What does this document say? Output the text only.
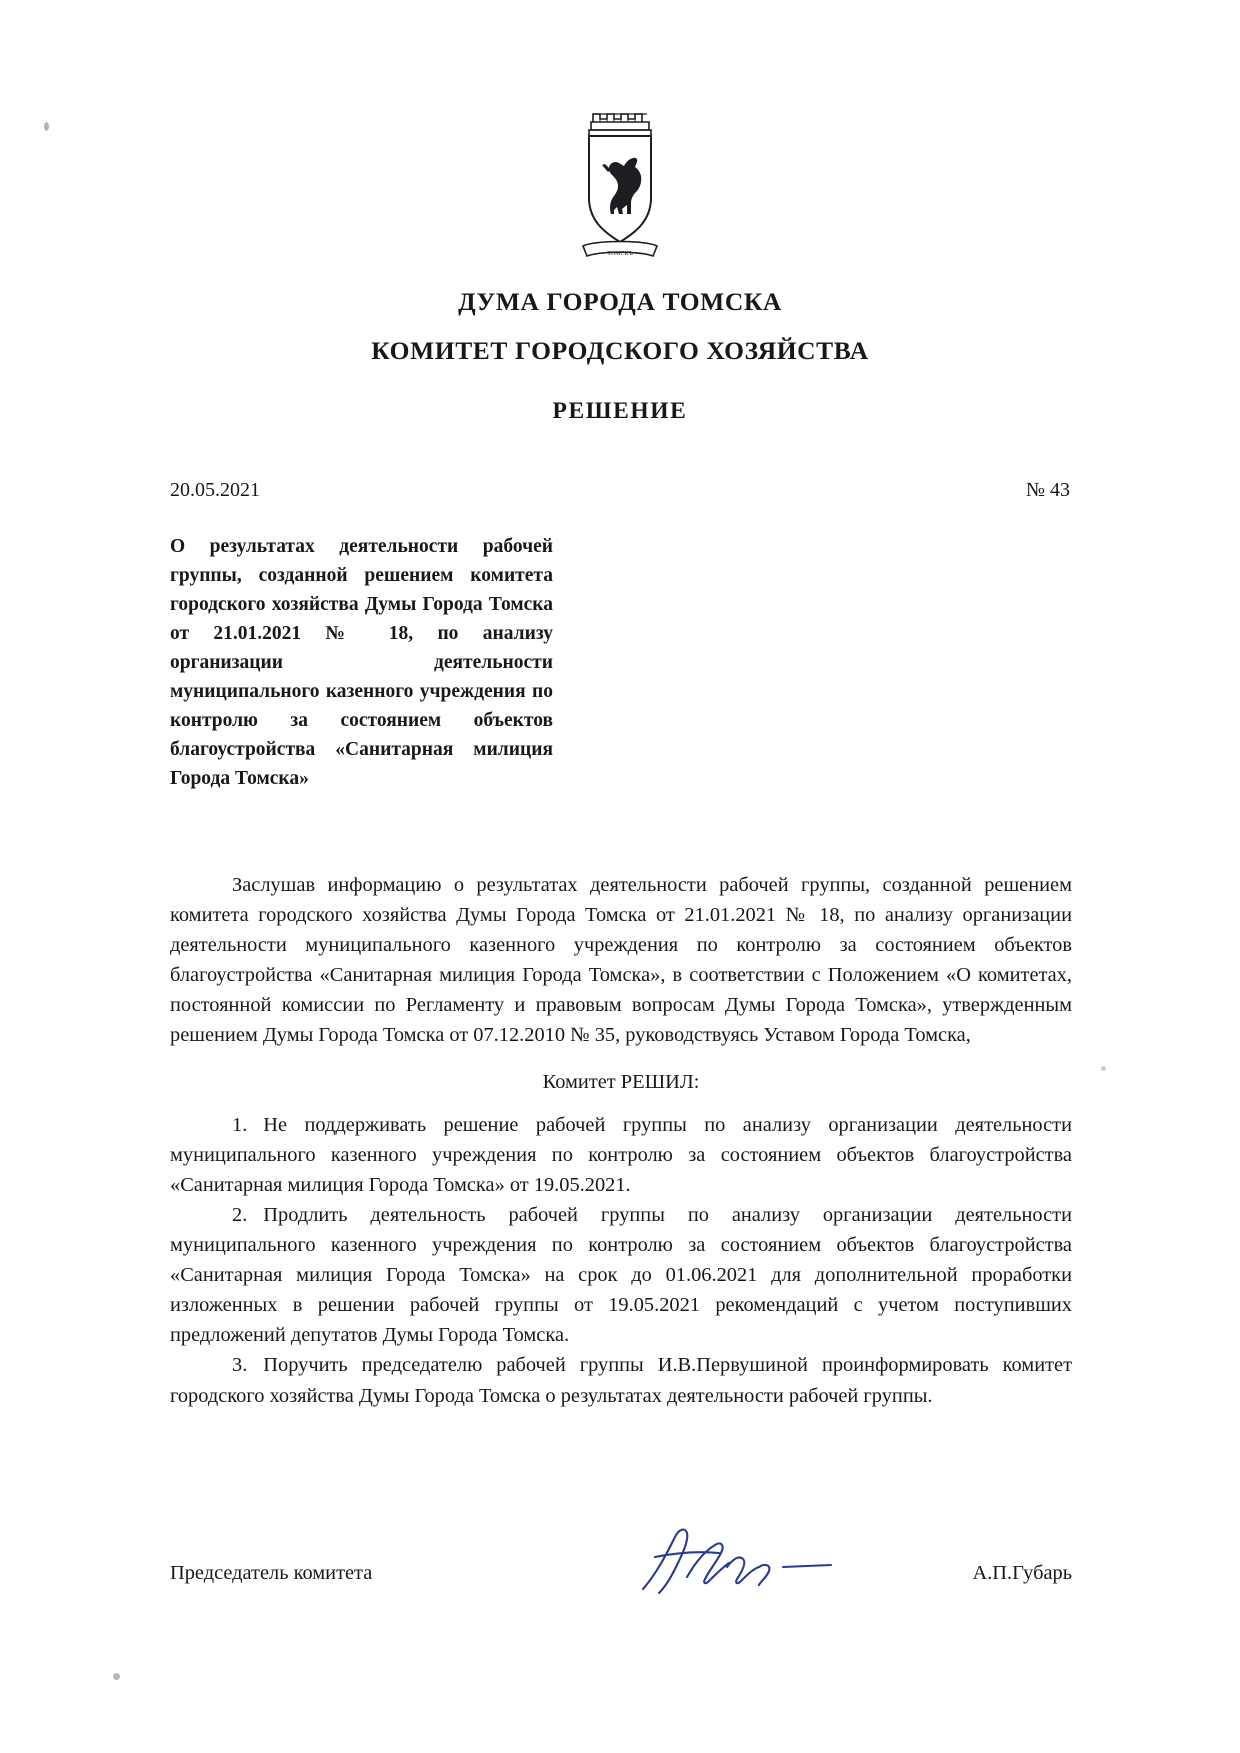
ТОМСКЪ
ДУМА ГОРОДА ТОМСКА
КОМИТЕТ ГОРОДСКОГО ХОЗЯЙСТВА
РЕШЕНИЕ
20.05.2021	№ 43
О результатах деятельности рабочей группы, созданной решением комитета городского хозяйства Думы Города Томска от 21.01.2021 № 18, по анализу организации деятельности муниципального казенного учреждения по контролю за состоянием объектов благоустройства «Санитарная милиция Города Томска»

Заслушав информацию о результатах деятельности рабочей группы, созданной решением комитета городского хозяйства Думы Города Томска от 21.01.2021 № 18, по анализу организации деятельности муниципального казенного учреждения по контролю за состоянием объектов благоустройства «Санитарная милиция Города Томска», в соответствии с Положением «О комитетах, постоянной комиссии по Регламенту и правовым вопросам Думы Города Томска», утвержденным решением Думы Города Томска от 07.12.2010 № 35, руководствуясь Уставом Города Томска,

Комитет РЕШИЛ:

1. Не поддерживать решение рабочей группы по анализу организации деятельности муниципального казенного учреждения по контролю за состоянием объектов благоустройства «Санитарная милиция Города Томска» от 19.05.2021.

2. Продлить деятельность рабочей группы по анализу организации деятельности муниципального казенного учреждения по контролю за состоянием объектов благоустройства «Санитарная милиция Города Томска» на срок до 01.06.2021 для дополнительной проработки изложенных в решении рабочей группы от 19.05.2021 рекомендаций с учетом поступивших предложений депутатов Думы Города Томска.

3. Поручить председателю рабочей группы И.В.Первушиной проинформировать комитет городского хозяйства Думы Города Томска о результатах деятельности рабочей группы.

Председатель комитета	А.П.Губарь
